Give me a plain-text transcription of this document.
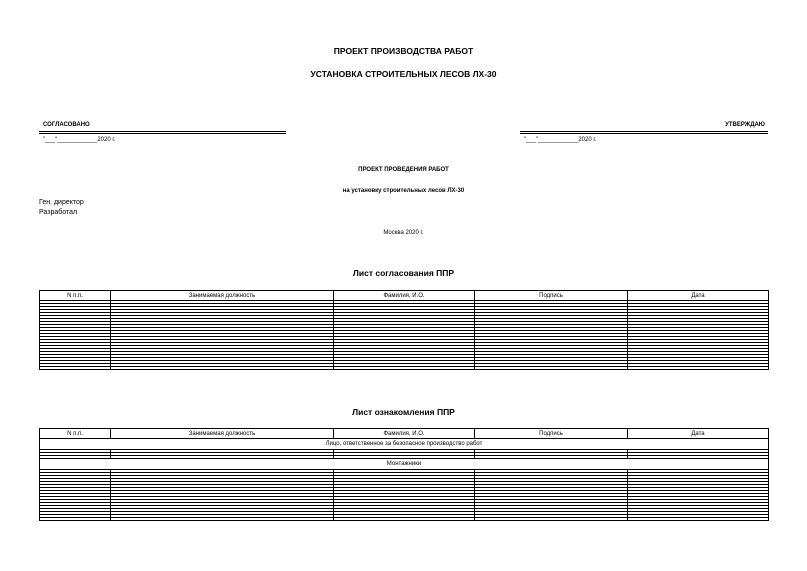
ПРОЕКТ ПРОИЗВОДСТВА РАБОТ
УСТАНОВКА СТРОИТЕЛЬНЫХ ЛЕСОВ ЛХ-30
СОГЛАСОВАНО
"___"____________2020 г.
УТВЕРЖДАЮ
"___"____________2020 г.
ПРОЕКТ ПРОВЕДЕНИЯ РАБОТ
на установку строительных лесов ЛХ-30
Ген. директор
Разработал
Москва 2020 г.
Лист согласования ППР
N п.п.	Занимаемая должность	Фамилия, И.О.	Подпись	Дата

Лист ознакомления ППР
N п.п.	Занимаемая должность	Фамилия, И.О.	Подпись	Дата
Лицо, ответственное за безопасное производство работ				

Монтажники				
